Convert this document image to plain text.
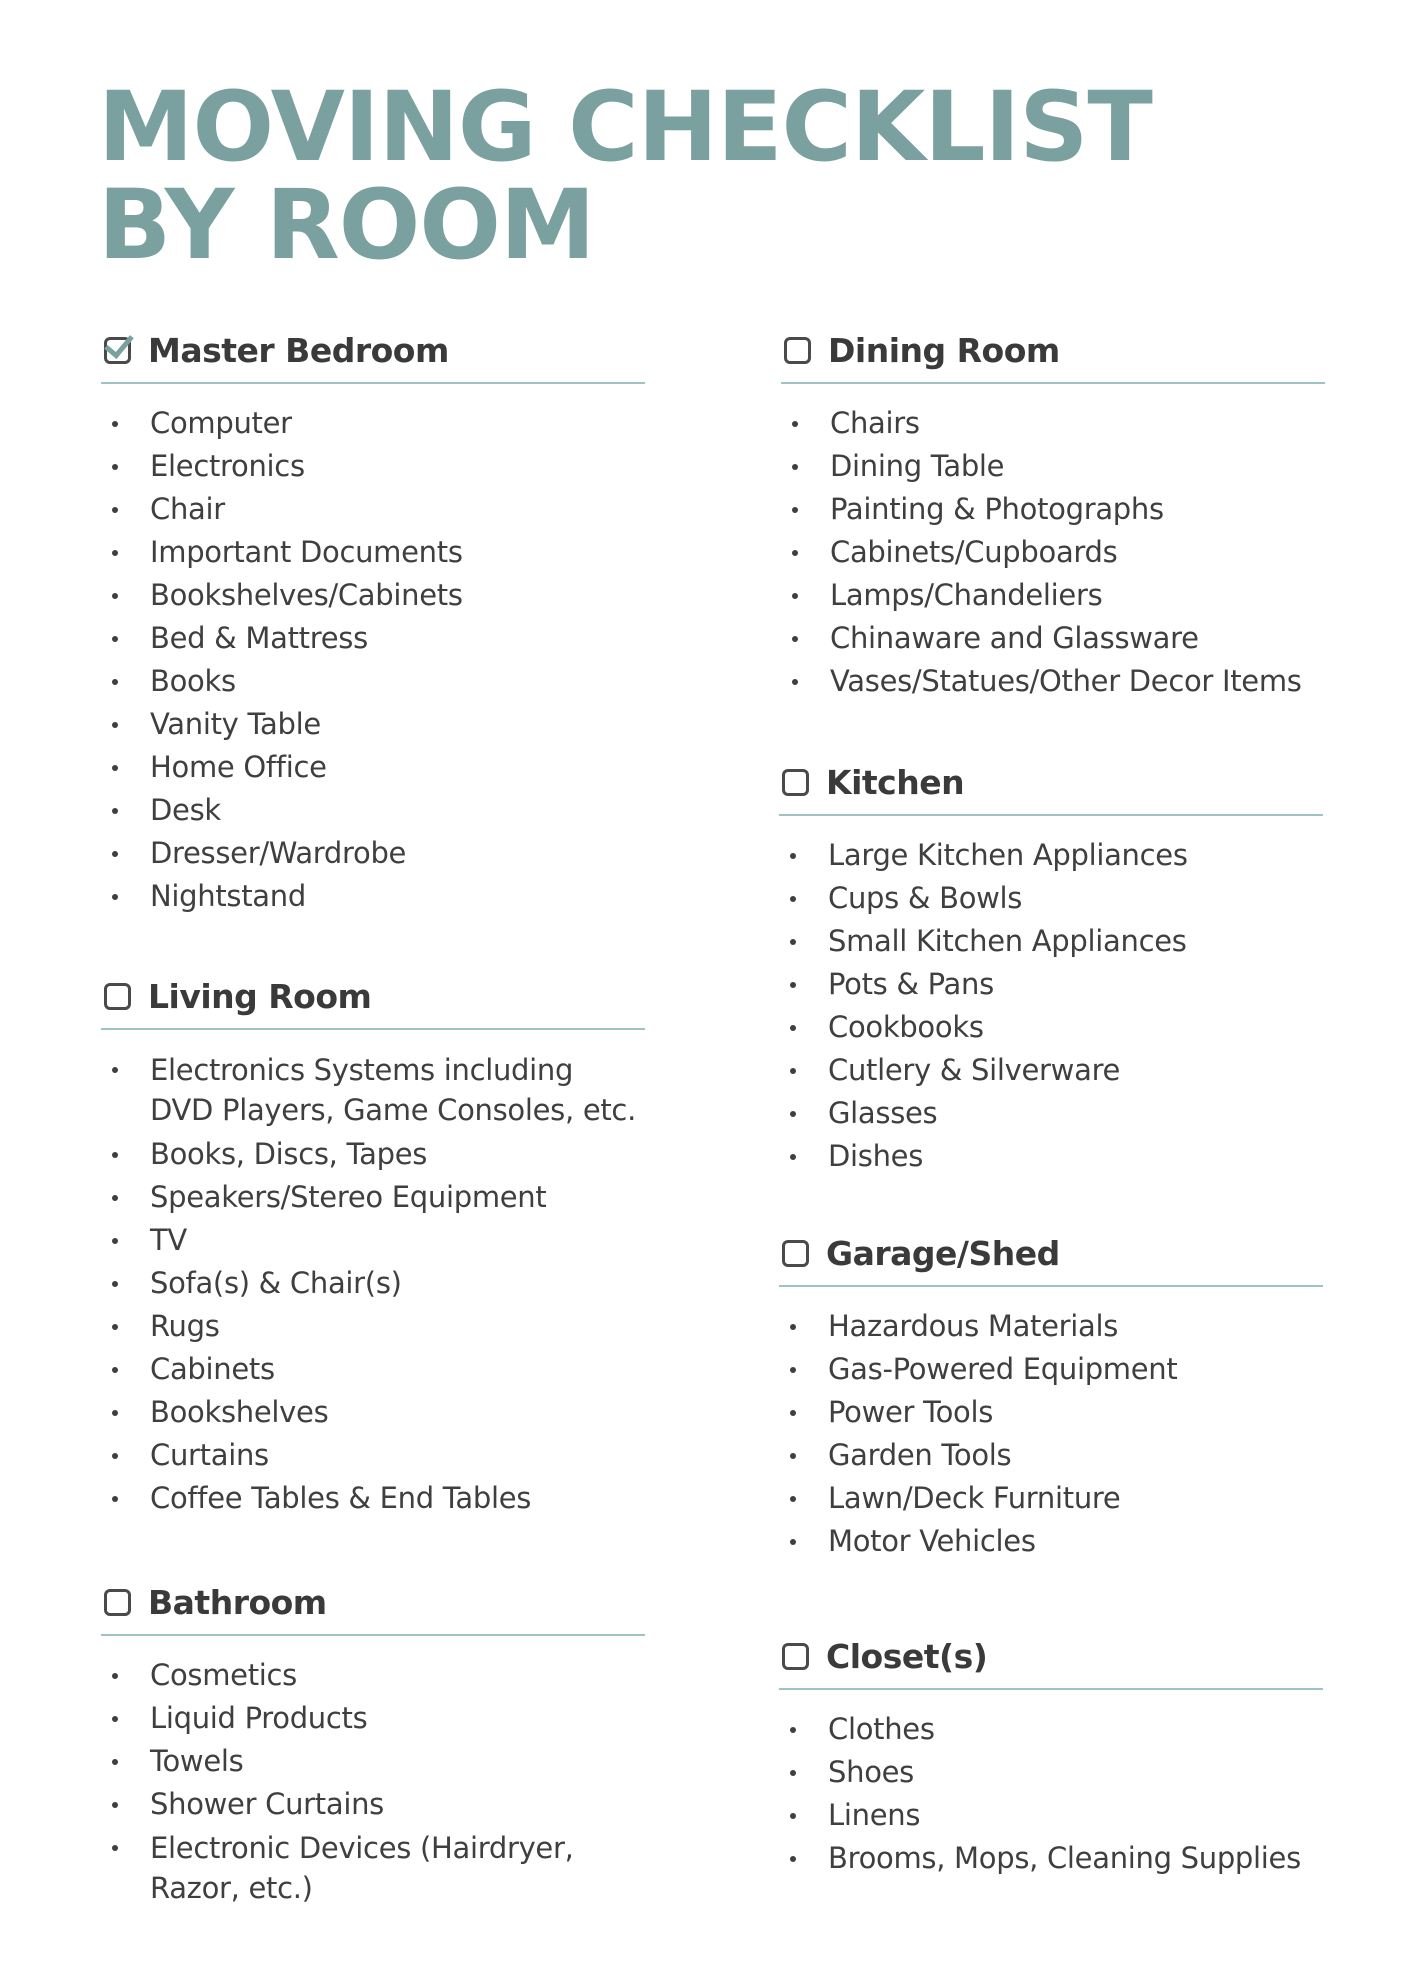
MOVING CHECKLIST
BY ROOM
Master Bedroom
Computer
Electronics
Chair
Important Documents
Bookshelves/Cabinets
Bed & Mattress
Books
Vanity Table
Home Office
Desk
Dresser/Wardrobe
Nightstand
Living Room
Electronics Systems including DVD Players, Game Consoles, etc.
Books, Discs, Tapes
Speakers/Stereo Equipment
TV
Sofa(s) & Chair(s)
Rugs
Cabinets
Bookshelves
Curtains
Coffee Tables & End Tables
Bathroom
Cosmetics
Liquid Products
Towels
Shower Curtains
Electronic Devices (Hairdryer, Razor, etc.)
Dining Room
Chairs
Dining Table
Painting & Photographs
Cabinets/Cupboards
Lamps/Chandeliers
Chinaware and Glassware
Vases/Statues/Other Decor Items
Kitchen
Large Kitchen Appliances
Cups & Bowls
Small Kitchen Appliances
Pots & Pans
Cookbooks
Cutlery & Silverware
Glasses
Dishes
Garage/Shed
Hazardous Materials
Gas-Powered Equipment
Power Tools
Garden Tools
Lawn/Deck Furniture
Motor Vehicles
Closet(s)
Clothes
Shoes
Linens
Brooms, Mops, Cleaning Supplies
